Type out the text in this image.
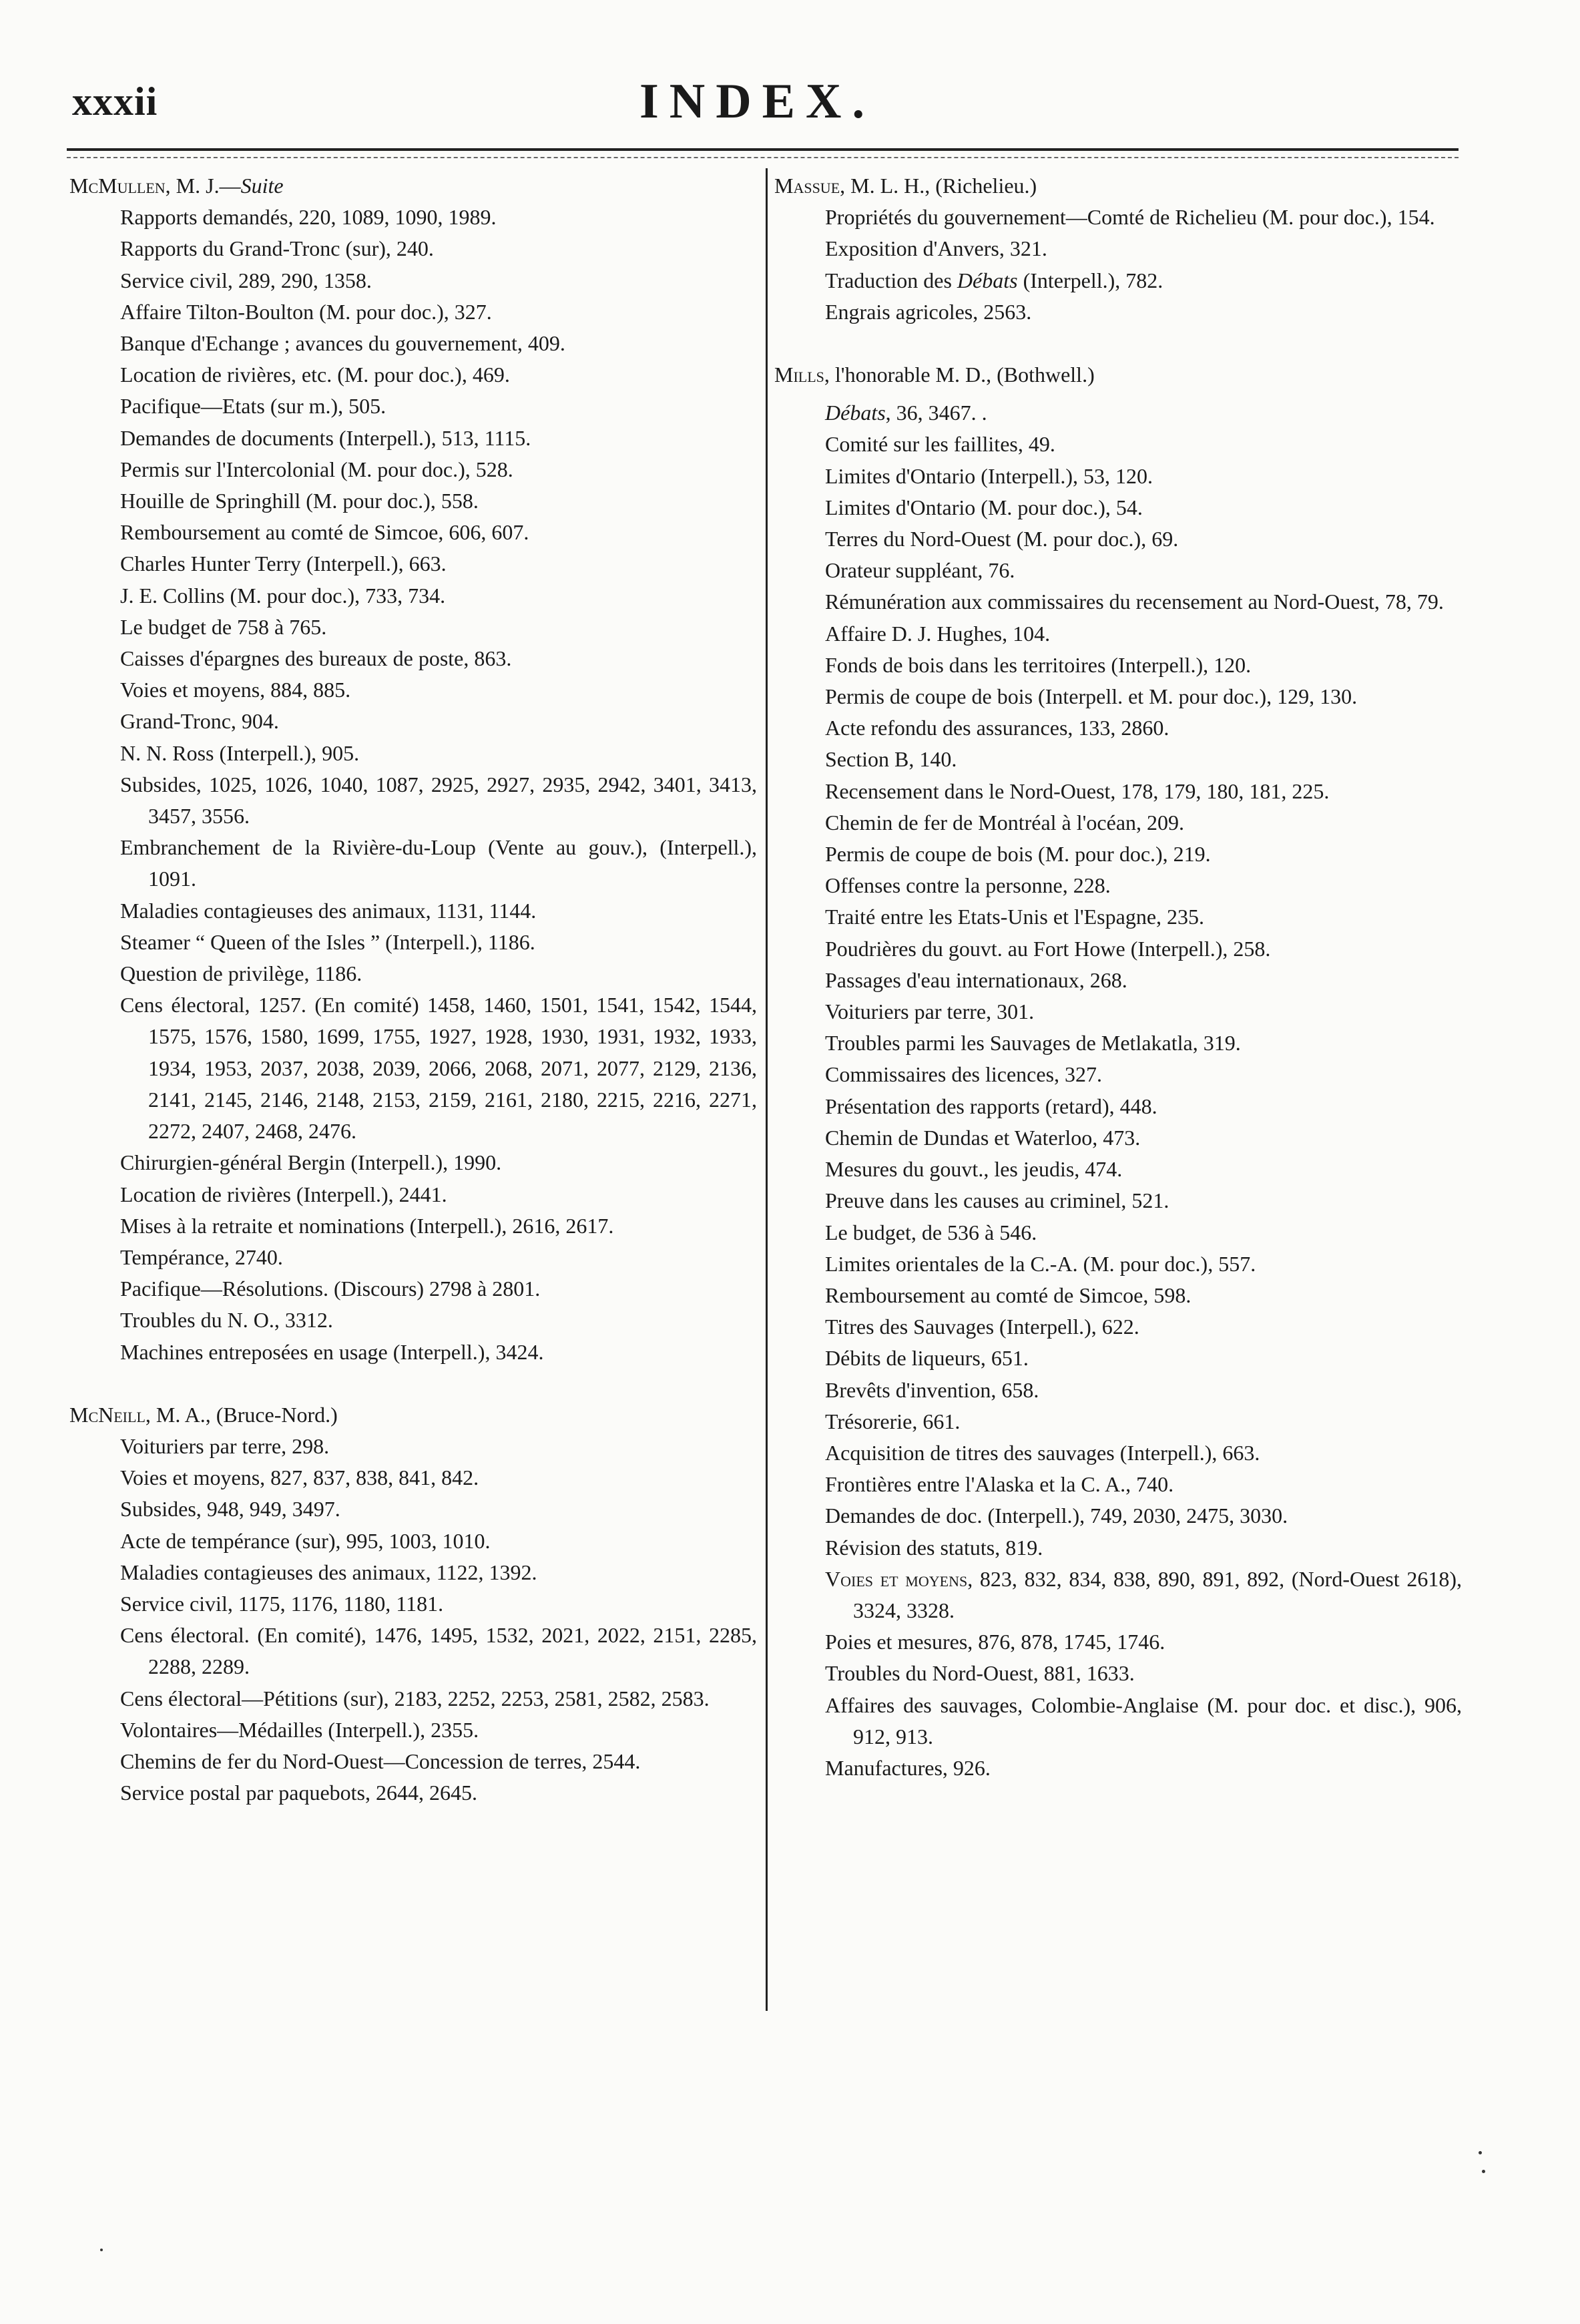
xxxii	INDEX.
McMullen, M. J.—Suite
Rapports demandés, 220, 1089, 1090, 1989.
Rapports du Grand-Tronc (sur), 240.
Service civil, 289, 290, 1358.
Affaire Tilton-Boulton (M. pour doc.), 327.
Banque d'Echange ; avances du gouvernement, 409.
Location de rivières, etc. (M. pour doc.), 469.
Pacifique—Etats (sur m.), 505.
Demandes de documents (Interpell.), 513, 1115.
Permis sur l'Intercolonial (M. pour doc.), 528.
Houille de Springhill (M. pour doc.), 558.
Remboursement au comté de Simcoe, 606, 607.
Charles Hunter Terry (Interpell.), 663.
J. E. Collins (M. pour doc.), 733, 734.
Le budget de 758 à 765.
Caisses d'épargnes des bureaux de poste, 863.
Voies et moyens, 884, 885.
Grand-Tronc, 904.
N. N. Ross (Interpell.), 905.
Subsides, 1025, 1026, 1040, 1087, 2925, 2927, 2935, 2942, 3401, 3413, 3457, 3556.
Embranchement de la Rivière-du-Loup (Vente au gouv.), (Interpell.), 1091.
Maladies contagieuses des animaux, 1131, 1144.
Steamer “ Queen of the Isles ” (Interpell.), 1186.
Question de privilège, 1186.
Cens électoral, 1257. (En comité) 1458, 1460, 1501, 1541, 1542, 1544, 1575, 1576, 1580, 1699, 1755, 1927, 1928, 1930, 1931, 1932, 1933, 1934, 1953, 2037, 2038, 2039, 2066, 2068, 2071, 2077, 2129, 2136, 2141, 2145, 2146, 2148, 2153, 2159, 2161, 2180, 2215, 2216, 2271, 2272, 2407, 2468, 2476.
Chirurgien-général Bergin (Interpell.), 1990.
Location de rivières (Interpell.), 2441.
Mises à la retraite et nominations (Interpell.), 2616, 2617.
Tempérance, 2740.
Pacifique—Résolutions. (Discours) 2798 à 2801.
Troubles du N. O., 3312.
Machines entreposées en usage (Interpell.), 3424.
McNeill, M. A., (Bruce-Nord.)
Voituriers par terre, 298.
Voies et moyens, 827, 837, 838, 841, 842.
Subsides, 948, 949, 3497.
Acte de tempérance (sur), 995, 1003, 1010.
Maladies contagieuses des animaux, 1122, 1392.
Service civil, 1175, 1176, 1180, 1181.
Cens électoral. (En comité), 1476, 1495, 1532, 2021, 2022, 2151, 2285, 2288, 2289.
Cens électoral—Pétitions (sur), 2183, 2252, 2253, 2581, 2582, 2583.
Volontaires—Médailles (Interpell.), 2355.
Chemins de fer du Nord-Ouest—Concession de terres, 2544.
Service postal par paquebots, 2644, 2645.
Massue, M. L. H., (Richelieu.)
Propriétés du gouvernement—Comté de Richelieu (M. pour doc.), 154.
Exposition d'Anvers, 321.
Traduction des Débats (Interpell.), 782.
Engrais agricoles, 2563.
Mills, l'honorable M. D., (Bothwell.)
Débats, 36, 3467. .
Comité sur les faillites, 49.
Limites d'Ontario (Interpell.), 53, 120.
Limites d'Ontario (M. pour doc.), 54.
Terres du Nord-Ouest (M. pour doc.), 69.
Orateur suppléant, 76.
Rémunération aux commissaires du recensement au Nord-Ouest, 78, 79.
Affaire D. J. Hughes, 104.
Fonds de bois dans les territoires (Interpell.), 120.
Permis de coupe de bois (Interpell. et M. pour doc.), 129, 130.
Acte refondu des assurances, 133, 2860.
Section B, 140.
Recensement dans le Nord-Ouest, 178, 179, 180, 181, 225.
Chemin de fer de Montréal à l'océan, 209.
Permis de coupe de bois (M. pour doc.), 219.
Offenses contre la personne, 228.
Traité entre les Etats-Unis et l'Espagne, 235.
Poudrières du gouvt. au Fort Howe (Interpell.), 258.
Passages d'eau internationaux, 268.
Voituriers par terre, 301.
Troubles parmi les Sauvages de Metlakatla, 319.
Commissaires des licences, 327.
Présentation des rapports (retard), 448.
Chemin de Dundas et Waterloo, 473.
Mesures du gouvt., les jeudis, 474.
Preuve dans les causes au criminel, 521.
Le budget, de 536 à 546.
Limites orientales de la C.-A. (M. pour doc.), 557.
Remboursement au comté de Simcoe, 598.
Titres des Sauvages (Interpell.), 622.
Débits de liqueurs, 651.
Brevêts d'invention, 658.
Trésorerie, 661.
Acquisition de titres des sauvages (Interpell.), 663.
Frontières entre l'Alaska et la C. A., 740.
Demandes de doc. (Interpell.), 749, 2030, 2475, 3030.
Révision des statuts, 819.
Voies et moyens, 823, 832, 834, 838, 890, 891, 892, (Nord-Ouest 2618), 3324, 3328.
Poies et mesures, 876, 878, 1745, 1746.
Troubles du Nord-Ouest, 881, 1633.
Affaires des sauvages, Colombie-Anglaise (M. pour doc. et disc.), 906, 912, 913.
Manufactures, 926.
